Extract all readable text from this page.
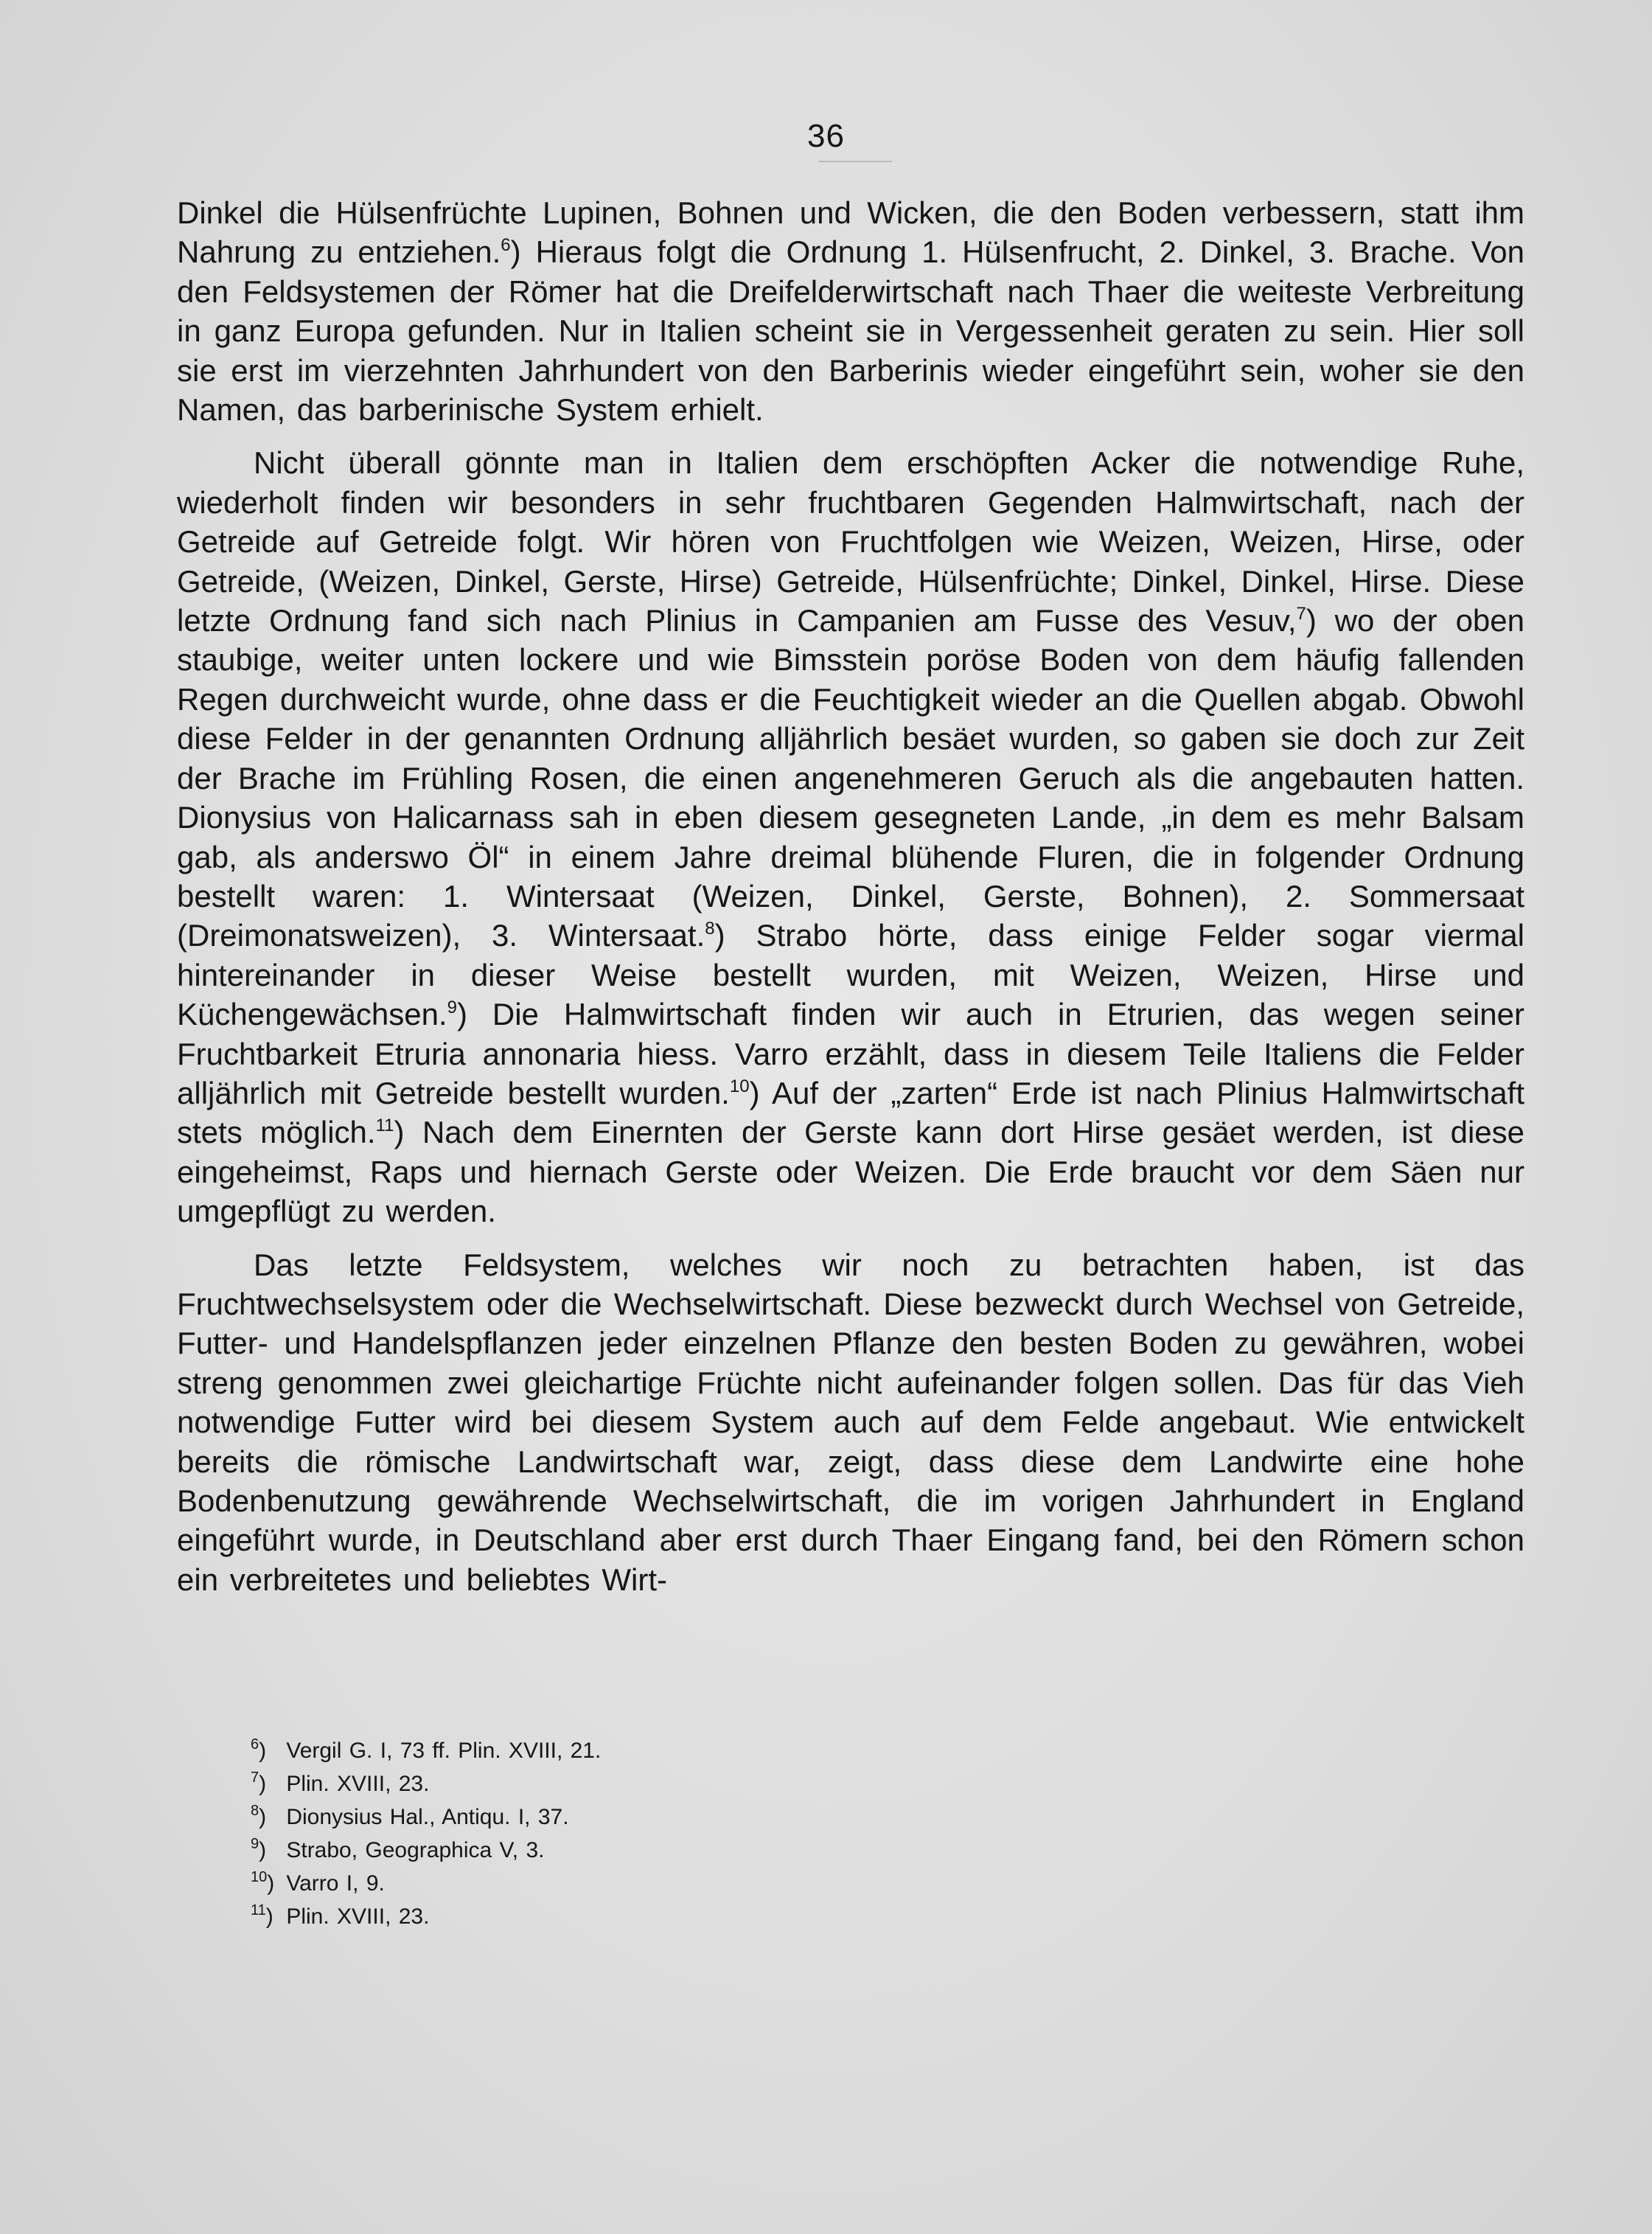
36

Dinkel die Hülsenfrüchte Lupinen, Bohnen und Wicken, die den Boden verbessern, statt ihm Nahrung zu entziehen.$^6$) Hieraus folgt die Ordnung 1. Hülsenfrucht, 2. Dinkel, 3. Brache. Von den Feldsystemen der Römer hat die Dreifelderwirtschaft nach Thaer die weiteste Verbreitung in ganz Europa gefunden. Nur in Italien scheint sie in Vergessenheit geraten zu sein. Hier soll sie erst im vierzehnten Jahrhundert von den Barberinis wieder eingeführt sein, woher sie den Namen, das barberinische System erhielt.

Nicht überall gönnte man in Italien dem erschöpften Acker die notwendige Ruhe, wiederholt finden wir besonders in sehr fruchtbaren Gegenden Halmwirtschaft, nach der Getreide auf Getreide folgt. Wir hören von Fruchtfolgen wie Weizen, Weizen, Hirse, oder Getreide, (Weizen, Dinkel, Gerste, Hirse) Getreide, Hülsenfrüchte; Dinkel, Dinkel, Hirse. Diese letzte Ordnung fand sich nach Plinius in Campanien am Fusse des Vesuv,$^7$) wo der oben staubige, weiter unten lockere und wie Bimsstein poröse Boden von dem häufig fallenden Regen durchweicht wurde, ohne dass er die Feuchtigkeit wieder an die Quellen abgab. Obwohl diese Felder in der genannten Ordnung alljährlich besäet wurden, so gaben sie doch zur Zeit der Brache im Frühling Rosen, die einen angenehmeren Geruch als die angebauten hatten. Dionysius von Halicarnass sah in eben diesem gesegneten Lande, „in dem es mehr Balsam gab, als anderswo Öl“ in einem Jahre dreimal blühende Fluren, die in folgender Ordnung bestellt waren: 1. Wintersaat (Weizen, Dinkel, Gerste, Bohnen), 2. Sommersaat (Dreimonatsweizen), 3. Wintersaat.$^8$) Strabo hörte, dass einige Felder sogar viermal hintereinander in dieser Weise bestellt wurden, mit Weizen, Weizen, Hirse und Küchengewächsen.$^9$) Die Halmwirtschaft finden wir auch in Etrurien, das wegen seiner Fruchtbarkeit Etruria annonaria hiess. Varro erzählt, dass in diesem Teile Italiens die Felder alljährlich mit Getreide bestellt wurden.$^{10}$) Auf der „zarten“ Erde ist nach Plinius Halmwirtschaft stets möglich.$^{11}$) Nach dem Einernten der Gerste kann dort Hirse gesäet werden, ist diese eingeheimst, Raps und hiernach Gerste oder Weizen. Die Erde braucht vor dem Säen nur umgepflügt zu werden.

Das letzte Feldsystem, welches wir noch zu betrachten haben, ist das Fruchtwechselsystem oder die Wechselwirtschaft. Diese bezweckt durch Wechsel von Getreide, Futter- und Handelspflanzen jeder einzelnen Pflanze den besten Boden zu gewähren, wobei streng genommen zwei gleichartige Früchte nicht aufeinander folgen sollen. Das für das Vieh notwendige Futter wird bei diesem System auch auf dem Felde angebaut. Wie entwickelt bereits die römische Landwirtschaft war, zeigt, dass diese dem Landwirte eine hohe Bodenbenutzung gewährende Wechselwirtschaft, die im vorigen Jahrhundert in England eingeführt wurde, in Deutschland aber erst durch Thaer Eingang fand, bei den Römern schon ein verbreitetes und beliebtes Wirt-

$^6$) Vergil G. I, 73 ff. Plin. XVIII, 21.
$^7$) Plin. XVIII, 23.
$^8$) Dionysius Hal., Antiqu. I, 37.
$^9$) Strabo, Geographica V, 3.
$^{10}$) Varro I, 9.
$^{11}$) Plin. XVIII, 23.
